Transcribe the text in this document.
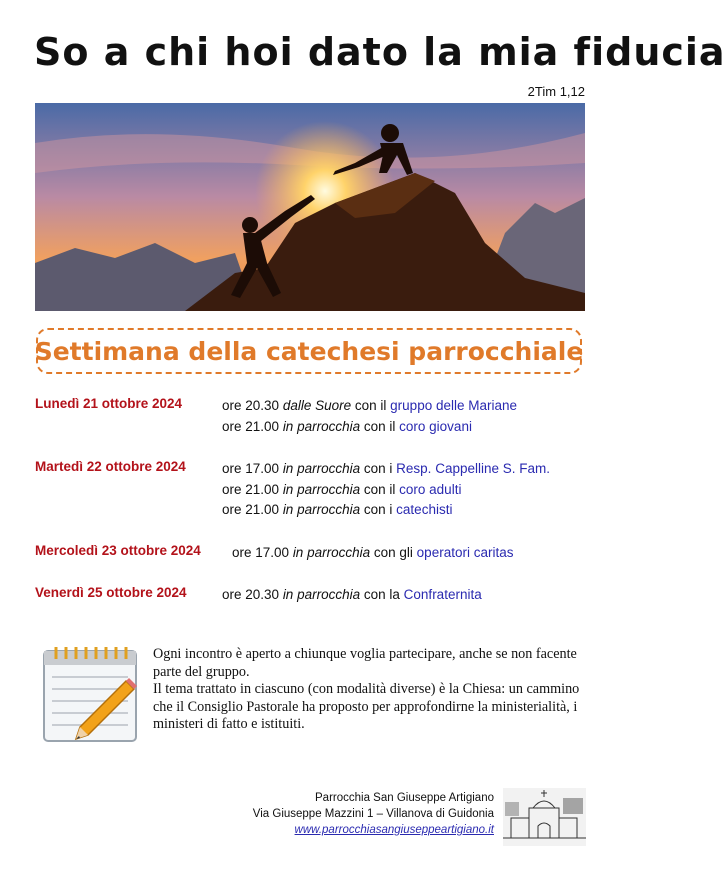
So a chi hoi dato la mia fiducia
2Tim 1,12
Settimana della catechesi parrocchiale
Lunedì 21 ottobre 2024	ore 20.30 dalle Suore con il gruppo delle Mariane
ore 21.00 in parrocchia con il coro giovani
Martedì 22 ottobre 2024	ore 17.00 in parrocchia con i Resp. Cappelline S. Fam.
ore 21.00 in parrocchia con il coro adulti
ore 21.00 in parrocchia con i catechisti
Mercoledì 23 ottobre 2024 ore 17.00 in parrocchia con gli operatori caritas
Venerdì 25 ottobre 2024	ore 20.30 in parrocchia con la Confraternita

Ogni incontro è aperto a chiunque voglia partecipare, anche se non facente parte del gruppo.

Il tema trattato in ciascuno (con modalità diverse) è la Chiesa: un cammino che il Consiglio Pastorale ha proposto per approfondirne la ministerialità, i ministeri di fatto e istituiti.

Parrocchia San Giuseppe Artigiano
Via Giuseppe Mazzini 1 – Villanova di Guidonia
www.parrocchiasangiuseppeartigiano.it
